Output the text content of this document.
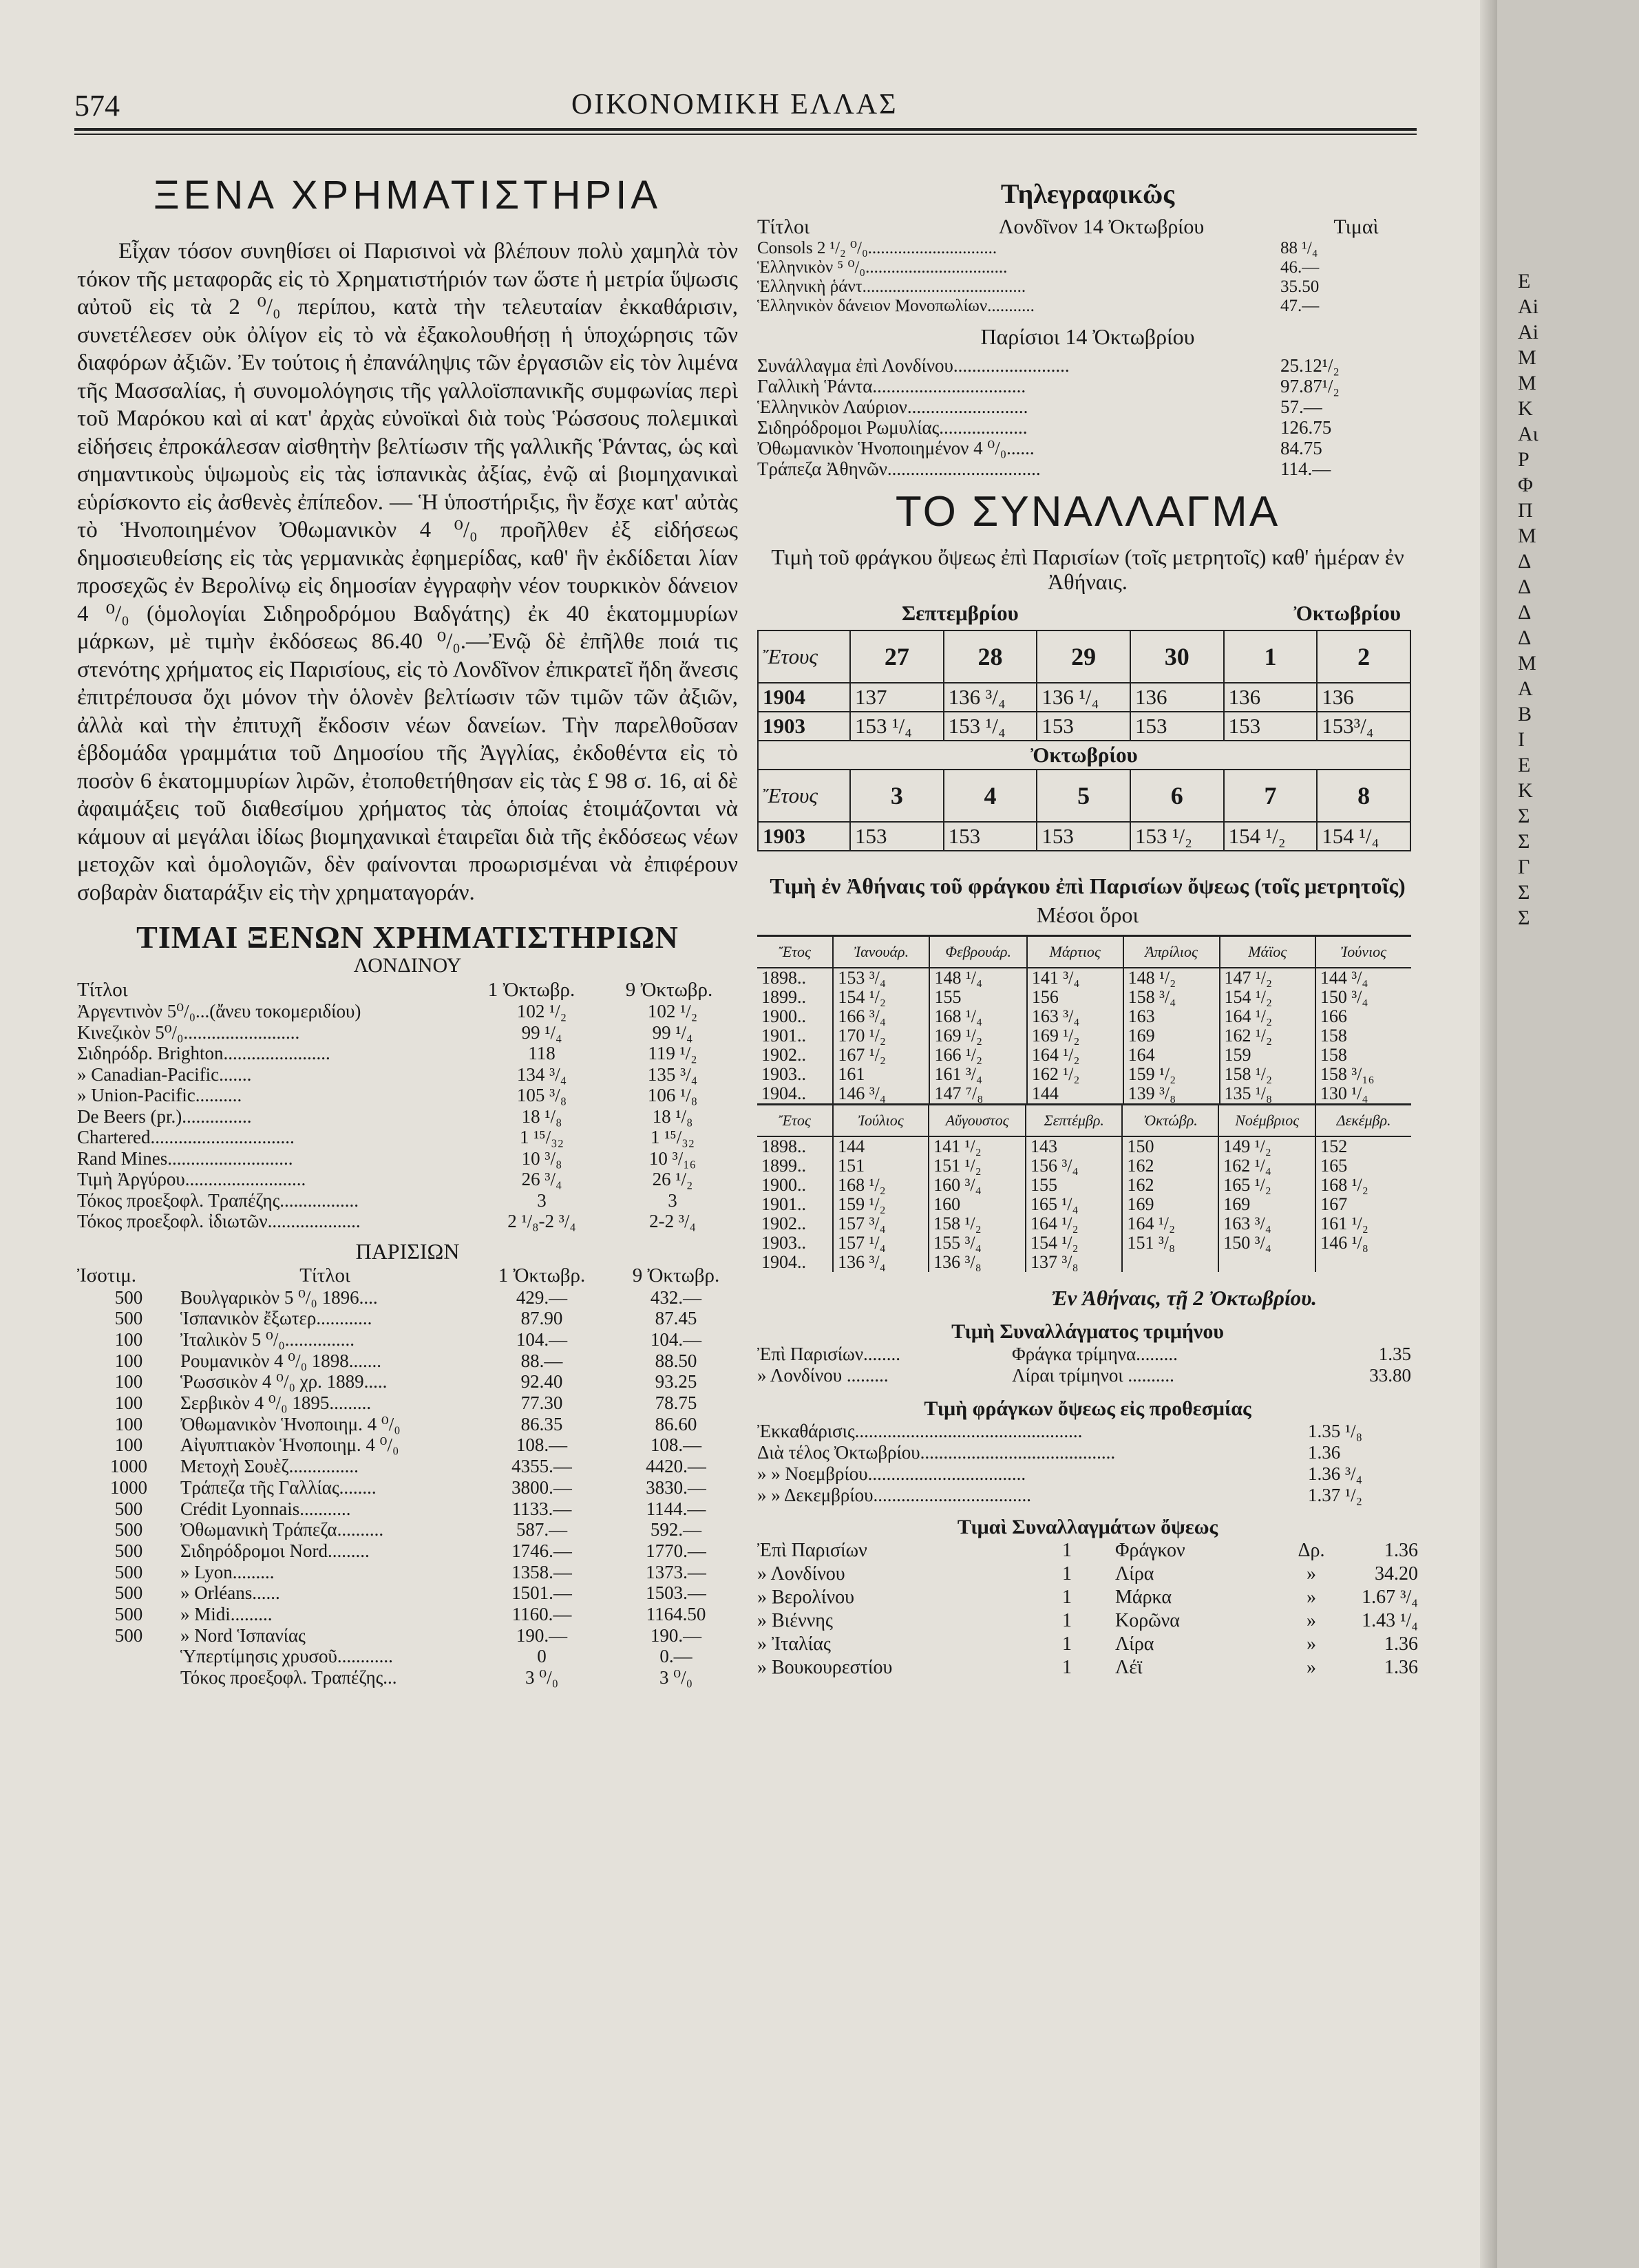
Ε
Ai
Ai
Μ
Μ
Κ
Αι
Ρ
Φ
Π
Μ
Δ
Δ
Δ
Δ
Μ
Α
Β
Ι
Ε
Κ
Σ
Σ
Γ
Σ
Σ
574	ΟΙΚΟΝΟΜΙΚΗ ΕΛΛΑΣ
ΞΕΝΑ ΧΡΗΜΑΤΙΣΤΗΡΙΑ
Εἶχαν τόσον συνηθίσει οἱ Παρισινοὶ νὰ βλέπουν πολὺ χαμηλὰ τὸν τόκον τῆς μεταφορᾶς εἰς τὸ Χρηματιστήριόν των ὥστε ἡ μετρία ὕψωσις αὐτοῦ εἰς τὰ 2 ⁰/₀ περίπου, κατὰ τὴν τελευταίαν ἐκκαθάρισιν, συνετέλεσεν οὐκ ὀλίγον εἰς τὸ νὰ ἐξακολουθήσῃ ἡ ὑποχώρησις τῶν διαφόρων ἀξιῶν. Ἐν τούτοις ἡ ἐπανάληψις τῶν ἐργασιῶν εἰς τὸν λιμένα τῆς Μασσαλίας, ἡ συνομολόγησις τῆς γαλλοϊσπανικῆς συμφωνίας περὶ τοῦ Μαρόκου καὶ αἱ κατ' ἀρχὰς εὐνοϊκαὶ διὰ τοὺς Ῥώσσους πολεμικαὶ εἰδήσεις ἐπροκάλεσαν αἰσθητὴν βελτίωσιν τῆς γαλλικῆς Ῥάντας, ὡς καὶ σημαντικοὺς ὑψωμοὺς εἰς τὰς ἱσπανικὰς ἀξίας, ἐνῷ αἱ βιομηχανικαὶ εὑρίσκοντο εἰς ἀσθενὲς ἐπίπεδον. — Ἡ ὑποστήριξις, ἣν ἔσχε κατ' αὐτὰς τὸ Ἡνοποιημένον Ὀθωμανικὸν 4 ⁰/₀ προῆλθεν ἐξ εἰδήσεως δημοσιευθείσης εἰς τὰς γερμανικὰς ἐφημερίδας, καθ' ἣν ἐκδίδεται λίαν προσεχῶς ἐν Βερολίνῳ εἰς δημοσίαν ἐγγραφὴν νέον τουρκικὸν δάνειον 4 ⁰/₀ (ὁμολογίαι Σιδηροδρόμου Βαδγάτης) ἐκ 40 ἑκατομμυρίων μάρκων, μὲ τιμὴν ἐκδόσεως 86.40 ⁰/₀.—Ἐνῷ δὲ ἐπῆλθε ποιά τις στενότης χρήματος εἰς Παρισίους, εἰς τὸ Λονδῖνον ἐπικρατεῖ ἤδη ἄνεσις ἐπιτρέπουσα ὄχι μόνον τὴν ὁλονὲν βελτίωσιν τῶν τιμῶν τῶν ἀξιῶν, ἀλλὰ καὶ τὴν ἐπιτυχῆ ἔκδοσιν νέων δανείων. Τὴν παρελθοῦσαν ἑβδομάδα γραμμάτια τοῦ Δημοσίου τῆς Ἀγγλίας, ἐκδοθέντα εἰς τὸ ποσὸν 6 ἑκατομμυρίων λιρῶν, ἐτοποθετήθησαν εἰς τὰς £ 98 σ. 16, αἱ δὲ ἀφαιμάξεις τοῦ διαθεσίμου χρήματος τὰς ὁποίας ἑτοιμάζονται νὰ κάμουν αἱ μεγάλαι ἰδίως βιομηχανικαὶ ἑταιρεῖαι διὰ τῆς ἐκδόσεως νέων μετοχῶν καὶ ὁμολογιῶν, δὲν φαίνονται προωρισμέναι νὰ ἐπιφέρουν σοβαρὰν διαταράξιν εἰς τὴν χρηματαγοράν.
ΤΙΜΑΙ ΞΕΝΩΝ ΧΡΗΜΑΤΙΣΤΗΡΙΩΝ
ΛΟΝΔΙΝΟΥ
Τίτλοι	1 Ὀκτωβρ.	9 Ὀκτωβρ.
Ἀργεντινὸν 5⁰/₀...(ἄνευ τοκομεριδίου)	102 ¹/₂	102 ¹/₂
Κινεζικὸν 5⁰/₀.........................	99 ¹/₄	99 ¹/₄
Σιδηρόδρ. Brighton.......................	118	119 ¹/₂
» Canadian-Pacific.......	134 ³/₄	135 ³/₄
» Union-Pacific..........	105 ³/₈	106 ¹/₈
De Beers (pr.)...............	18 ¹/₈	18 ¹/₈
Chartered...............................	1 ¹⁵/₃₂	1 ¹⁵/₃₂
Rand Mines...........................	10 ³/₈	10 ³/₁₆
Τιμὴ Ἀργύρου..........................	26 ³/₄	26 ¹/₂
Τόκος προεξοφλ. Τραπέζης.................	3	3
Τόκος προεξοφλ. ἰδιωτῶν....................	2 ¹/₈-2 ³/₄	2-2 ³/₄
ΠΑΡΙΣΙΩΝ
Ἰσοτιμ.	Τίτλοι	1 Ὀκτωβρ.	9 Ὀκτωβρ.
500	Βουλγαρικὸν 5 ⁰/₀ 1896....	429.—	432.—
500	Ἱσπανικὸν ἔξωτερ............	87.90	87.45
100	Ἰταλικὸν 5 ⁰/₀...............	104.—	104.—
100	Ρουμανικὸν 4 ⁰/₀ 1898.......	88.—	88.50
100	Ῥωσσικὸν 4 ⁰/₀ χρ. 1889.....	92.40	93.25
100	Σερβικὸν 4 ⁰/₀ 1895.........	77.30	78.75
100	Ὀθωμανικὸν Ἡνοποιημ. 4 ⁰/₀	86.35	86.60
100	Αἰγυπτιακὸν Ἡνοποιημ. 4 ⁰/₀	108.—	108.—
1000	Μετοχὴ Σουὲζ...............	4355.—	4420.—
1000	Τράπεζα τῆς Γαλλίας........	3800.—	3830.—
500	Crédit Lyonnais...........	1133.—	1144.—
500	Ὀθωμανικὴ Τράπεζα..........	587.—	592.—
500	Σιδηρόδρομοι Nord.........	1746.—	1770.—
500	» Lyon.........	1358.—	1373.—
500	» Orléans......	1501.—	1503.—
500	» Midi.........	1160.—	1164.50
500	» Nord Ἱσπανίας	190.—	190.—
Ὑπερτίμησις χρυσοῦ............	0	0.—
Τόκος προεξοφλ. Τραπέζης...	3 ⁰/₀	3 ⁰/₀
Τηλεγραφικῶς
Τίτλοι	Λονδῖνον 14 Ὀκτωβρίου	Τιμαὶ
Consols 2 ¹/₂ ⁰/₀..............................	88 ¹/₄
Ἑλληνικὸν ⁵ ⁰/₀.................................	46.—
Ἑλληνικὴ ῥάντ......................................	35.50
Ἑλληνικὸν δάνειον Μονοπωλίων...........	47.—
Παρίσιοι 14 Ὀκτωβρίου
Συνάλλαγμα ἐπὶ Λονδίνου.........................	25.12¹/₂
Γαλλικὴ Ῥάντα.................................	97.87¹/₂
Ἑλληνικὸν Λαύριον..........................	57.—
Σιδηρόδρομοι Ρωμυλίας...................	126.75
Ὀθωμανικὸν Ἡνοποιημένον 4 ⁰/₀......	84.75
Τράπεζα Ἀθηνῶν.................................	114.—
ΤΟ ΣΥΝΑΛΛΑΓΜΑ
Τιμὴ τοῦ φράγκου ὄψεως ἐπὶ Παρισίων (τοῖς μετρητοῖς) καθ' ἡμέραν ἐν Ἀθήναις.
Σεπτεμβρίου	Ὀκτωβρίου
Ἔτους	27	28	29	30	1	2
1904	137	136 ³/₄	136 ¹/₄	136	136	136
1903	153 ¹/₄	153 ¹/₄	153	153	153	153³/₄
Ὀκτωβρίου						
Ἔτους	3	4	5	6	7	8
1903	153	153	153	153 ¹/₂	154 ¹/₂	154 ¹/₄
Τιμὴ ἐν Ἀθήναις τοῦ φράγκου ἐπὶ Παρισίων ὄψεως (τοῖς μετρητοῖς)
Μέσοι ὅροι
Ἔτος	Ἰανουάρ.	Φεβρουάρ.	Μάρτιος	Ἀπρίλιος	Μάϊος	Ἰούνιος
1898..	153 ³/₄	148 ¹/₄	141 ³/₄	148 ¹/₂	147 ¹/₂	144 ³/₄
1899..	154 ¹/₂	155	156	158 ³/₄	154 ¹/₂	150 ³/₄
1900..	166 ³/₄	168 ¹/₄	163 ³/₄	163	164 ¹/₂	166
1901..	170 ¹/₂	169 ¹/₂	169 ¹/₂	169	162 ¹/₂	158
1902..	167 ¹/₂	166 ¹/₂	164 ¹/₂	164	159	158
1903..	161	161 ³/₄	162 ¹/₂	159 ¹/₂	158 ¹/₂	158 ³/₁₆
1904..	146 ³/₄	147 ⁷/₈	144	139 ³/₈	135 ¹/₈	130 ¹/₄
Ἔτος	Ἰούλιος	Αὔγουστος	Σεπτέμβρ.	Ὀκτώβρ.	Νοέμβριος	Δεκέμβρ.
1898..	144	141 ¹/₂	143	150	149 ¹/₂	152
1899..	151	151 ¹/₂	156 ³/₄	162	162 ¹/₄	165
1900..	168 ¹/₂	160 ³/₄	155	162	165 ¹/₂	168 ¹/₂
1901..	159 ¹/₂	160	165 ¹/₄	169	169	167
1902..	157 ³/₄	158 ¹/₂	164 ¹/₂	164 ¹/₂	163 ³/₄	161 ¹/₂
1903..	157 ¹/₄	155 ³/₄	154 ¹/₂	151 ³/₈	150 ³/₄	146 ¹/₈
1904..	136 ³/₄	136 ³/₈	137 ³/₈			
Ἐν Ἀθήναις, τῇ 2 Ὀκτωβρίου.
Τιμὴ Συναλλάγματος τριμήνου
Ἐπὶ Παρισίων........	Φράγκα τρίμηνα.........	1.35
» Λονδίνου .........	Λίραι τρίμηνοι ..........	33.80
Τιμὴ φράγκων ὄψεως εἰς προθεσμίας
Ἐκκαθάρισις.................................................	1.35 ¹/₈
Διὰ τέλος Ὀκτωβρίου..........................................	1.36
» » Νοεμβρίου..................................	1.36 ³/₄
» » Δεκεμβρίου..................................	1.37 ¹/₂
Τιμαὶ Συναλλαγμάτων ὄψεως
Ἐπὶ Παρισίων	1	Φράγκον	Δρ.	1.36
» Λονδίνου	1	Λίρα	»	34.20
» Βερολίνου	1	Μάρκα	»	1.67 ³/₄
» Βιέννης	1	Κορῶνα	»	1.43 ¹/₄
» Ἰταλίας	1	Λίρα	»	1.36
» Βουκουρεστίου	1	Λέϊ	»	1.36
